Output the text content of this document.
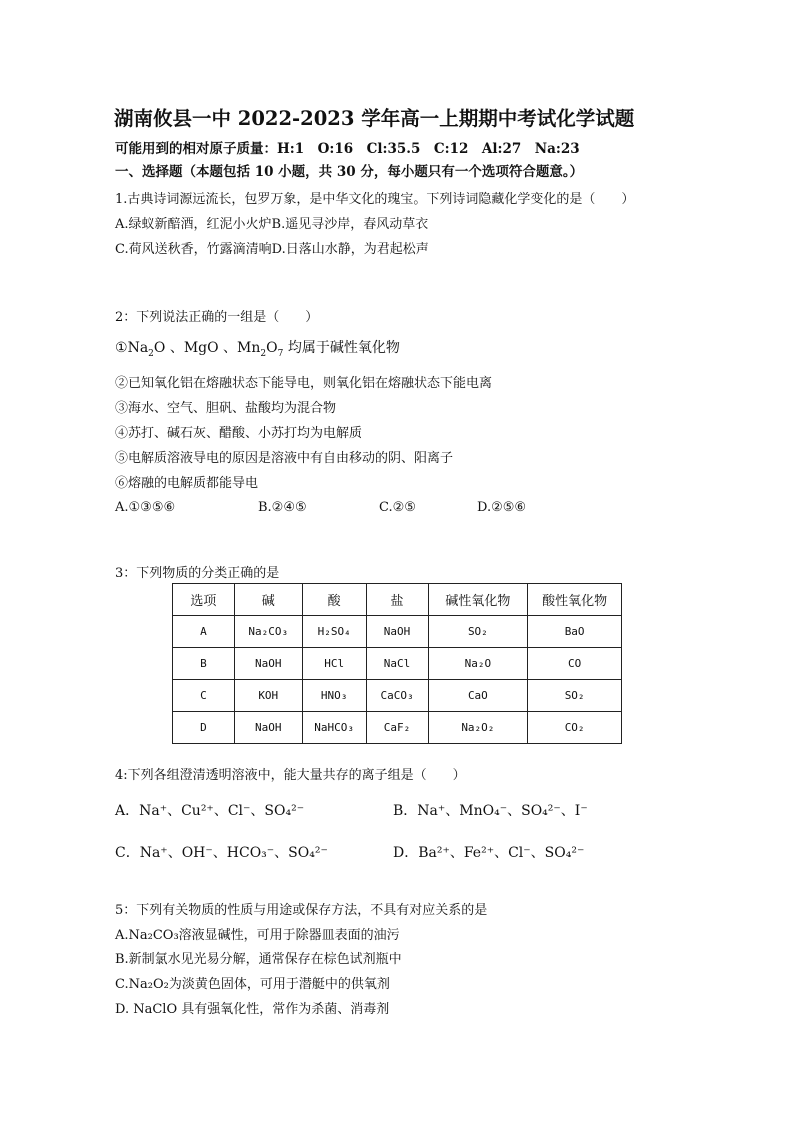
湖南攸县一中 2022-2023 学年高一上期期中考试化学试题
可能用到的相对原子质量：H:1　O:16　Cl:35.5　C:12　Al:27　Na:23
一、选择题（本题包括 10 小题，共 30 分，每小题只有一个选项符合题意。）
1.古典诗词源远流长，包罗万象，是中华文化的瑰宝。下列诗词隐藏化学变化的是（　　）
A.绿蚁新醅酒，红泥小火炉B.遥见寻沙岸，春风动草衣
C.荷风送秋香，竹露滴清响D.日落山水静，为君起松声
2：下列说法正确的一组是（　　）
$①Na_2O$ 、MgO 、$Mn_2O_7$ 均属于碱性氧化物
②已知氧化铝在熔融状态下能导电，则氧化铝在熔融状态下能电离
③海水、空气、胆矾、盐酸均为混合物
④苏打、碱石灰、醋酸、小苏打均为电解质
⑤电解质溶液导电的原因是溶液中有自由移动的阴、阳离子
⑥熔融的电解质都能导电
A.①③⑤⑥	B.②④⑤	C.②⑤	D.②⑤⑥
3：下列物质的分类正确的是
选项	碱	酸	盐	碱性氧化物	酸性氧化物
A	Na₂CO₃	H₂SO₄	NaOH	SO₂	BaO
B	NaOH	HCl	NaCl	Na₂O	CO
C	KOH	HNO₃	CaCO₃	CaO	SO₂
D	NaOH	NaHCO₃	CaF₂	Na₂O₂	CO₂
4:下列各组澄清透明溶液中，能大量共存的离子组是（　　）
A．Na⁺、Cu²⁺、Cl⁻、SO₄²⁻	B．Na⁺、MnO₄⁻、SO₄²⁻、I⁻
C．Na⁺、OH⁻、HCO₃⁻、SO₄²⁻	D．Ba²⁺、Fe²⁺、Cl⁻、SO₄²⁻
5：下列有关物质的性质与用途或保存方法，不具有对应关系的是
A.Na₂CO₃溶液显碱性，可用于除器皿表面的油污
B.新制氯水见光易分解，通常保存在棕色试剂瓶中
C.Na₂O₂为淡黄色固体，可用于潜艇中的供氧剂
D. NaClO 具有强氧化性，常作为杀菌、消毒剂
